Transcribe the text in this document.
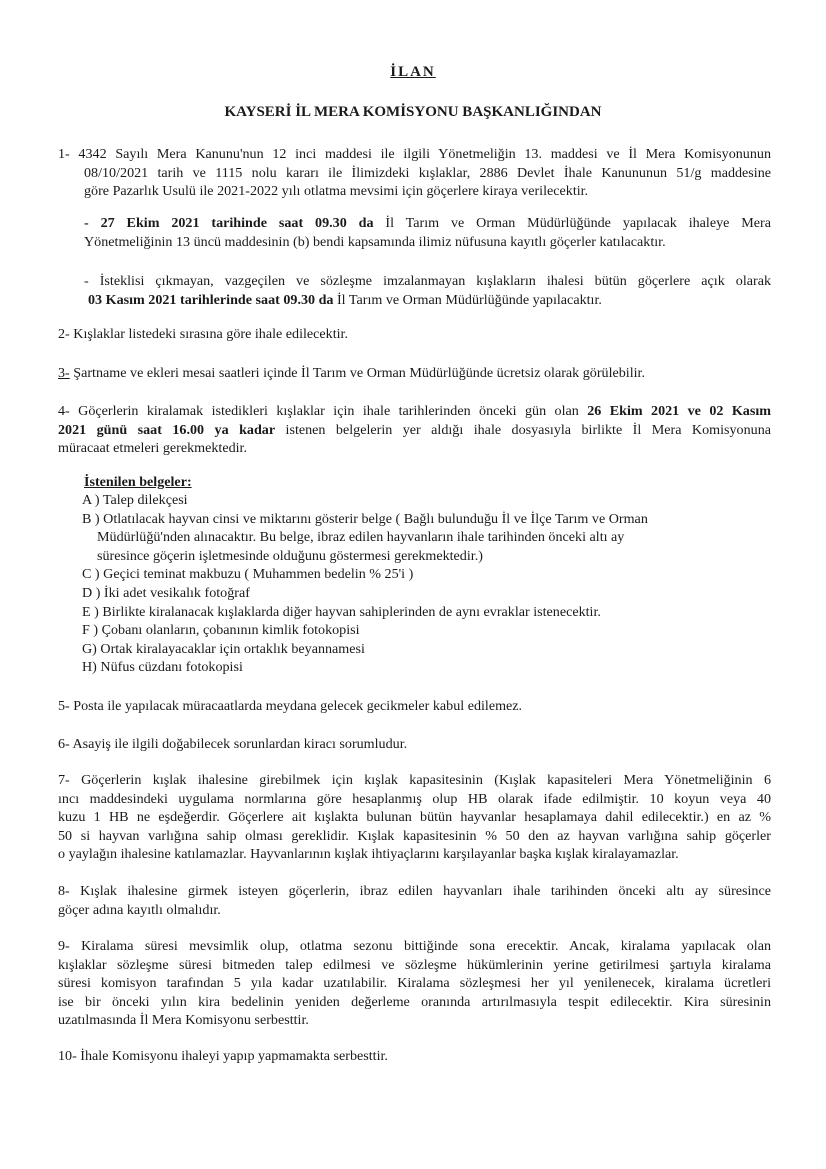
İLAN
KAYSERİ İL MERA KOMİSYONU BAŞKANLIĞINDAN
1- 4342 Sayılı Mera Kanunu'nun 12 inci maddesi ile ilgili Yönetmeliğin 13. maddesi ve İl Mera Komisyonunun
08/10/2021 tarih ve 1115 nolu kararı ile İlimizdeki kışlaklar, 2886 Devlet İhale Kanununun 51/g maddesine
göre Pazarlık Usulü ile 2021-2022 yılı otlatma mevsimi için göçerlere kiraya verilecektir.
- 27 Ekim 2021 tarihinde saat 09.30 da İl Tarım ve Orman Müdürlüğünde yapılacak ihaleye Mera
Yönetmeliğinin 13 üncü maddesinin (b) bendi kapsamında ilimiz nüfusuna kayıtlı göçerler katılacaktır.
- İsteklisi çıkmayan, vazgeçilen ve sözleşme imzalanmayan kışlakların ihalesi bütün göçerlere açık olarak
03 Kasım 2021 tarihlerinde saat 09.30 da İl Tarım ve Orman Müdürlüğünde yapılacaktır.
2- Kışlaklar listedeki sırasına göre ihale edilecektir.
3- Şartname ve ekleri mesai saatleri içinde İl Tarım ve Orman Müdürlüğünde ücretsiz olarak görülebilir.
4- Göçerlerin kiralamak istedikleri kışlaklar için ihale tarihlerinden önceki gün olan 26 Ekim 2021 ve 02 Kasım
2021 günü saat 16.00 ya kadar istenen belgelerin yer aldığı ihale dosyasıyla birlikte İl Mera Komisyonuna
müracaat etmeleri gerekmektedir.
İstenilen belgeler:
A ) Talep dilekçesi
B ) Otlatılacak hayvan cinsi ve miktarını gösterir belge ( Bağlı bulunduğu İl ve İlçe Tarım ve Orman
Müdürlüğü'nden alınacaktır. Bu belge, ibraz edilen hayvanların ihale tarihinden önceki altı ay
süresince göçerin işletmesinde olduğunu göstermesi gerekmektedir.)
C ) Geçici teminat makbuzu ( Muhammen bedelin % 25'i )
D ) İki adet vesikalık fotoğraf
E ) Birlikte kiralanacak kışlaklarda diğer hayvan sahiplerinden de aynı evraklar istenecektir.
F ) Çobanı olanların, çobanının kimlik fotokopisi
G) Ortak kiralayacaklar için ortaklık beyannamesi
H) Nüfus cüzdanı fotokopisi
5- Posta ile yapılacak müracaatlarda meydana gelecek gecikmeler kabul edilemez.
6- Asayiş ile ilgili doğabilecek sorunlardan kiracı sorumludur.
7- Göçerlerin kışlak ihalesine girebilmek için kışlak kapasitesinin (Kışlak kapasiteleri Mera Yönetmeliğinin 6
ıncı maddesindeki uygulama normlarına göre hesaplanmış olup HB olarak ifade edilmiştir. 10 koyun veya 40
kuzu 1 HB ne eşdeğerdir. Göçerlere ait kışlakta bulunan bütün hayvanlar hesaplamaya dahil edilecektir.) en az %
50 si hayvan varlığına sahip olması gereklidir. Kışlak kapasitesinin % 50 den az hayvan varlığına sahip göçerler
o yaylağın ihalesine katılamazlar. Hayvanlarının kışlak ihtiyaçlarını karşılayanlar başka kışlak kiralayamazlar.
8- Kışlak ihalesine girmek isteyen göçerlerin, ibraz edilen hayvanları ihale tarihinden önceki altı ay süresince
göçer adına kayıtlı olmalıdır.
9- Kiralama süresi mevsimlik olup, otlatma sezonu bittiğinde sona erecektir. Ancak, kiralama yapılacak olan
kışlaklar sözleşme süresi bitmeden talep edilmesi ve sözleşme hükümlerinin yerine getirilmesi şartıyla kiralama
süresi komisyon tarafından 5 yıla kadar uzatılabilir. Kiralama sözleşmesi her yıl yenilenecek, kiralama ücretleri
ise bir önceki yılın kira bedelinin yeniden değerleme oranında artırılmasıyla tespit edilecektir. Kira süresinin
uzatılmasında İl Mera Komisyonu serbesttir.
10- İhale Komisyonu ihaleyi yapıp yapmamakta serbesttir.
